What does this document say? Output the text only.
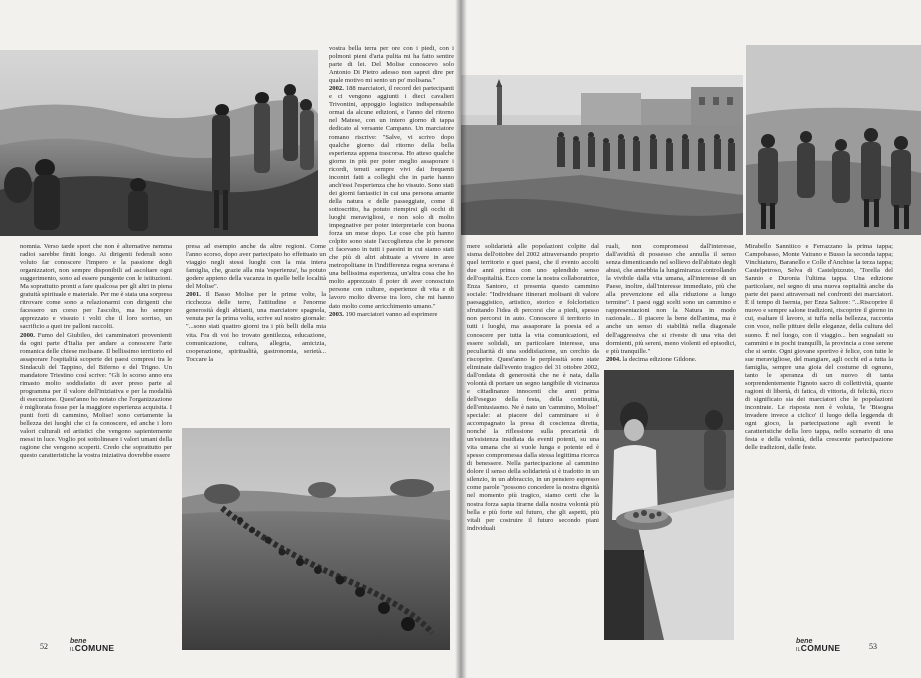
nomnia. Verso tarde sport che non è alternative nemma radioi sarebbe finiti longo. Ai dirigenti federali sono voluto far conoscere l'impero e la passione degli organizzatori, non sempre disponibili ad ascoltare ogni suggerimento, sono ad essere pungente con le istituzioni. Ma soprattutto pronti a fare qualcosa per gli altri in piena gratuità spirituale e materiale. Per me è stata una sorpresa ritrovare come sono a relazionarmi con dirigenti che facessero un corso per l'ascolto, ma ho sempre apprezzato e vissuto i volti che il loro sorriso, un sacrificio a quei tre palloni raccolti.

2000. Fumo del Giubileo, dei camminatori provenienti da ogni parte d'Italia per andare a conoscere l'arte romanica delle chiese molisane. Il bellissimo territorio ed assaporare l'ospitalità scoperte dei paesi compresi tra le Sindaculi del Tappino, del Biferno e del Trigno. Un mandatore Triestino così scrive: "Gli lo scorso anno era rimasto molto soddisfatto di aver preso parte al programma per il valore dell'iniziativa e per la modalità di esecuzione. Quest'anno ho notato che l'organizzazione è migliorata fosse per la maggiore esperienza acquisita. I punti forti di cammino, Molise! sono certamente la bellezza dei luoghi che ci fa conoscere, ed anche i loro valori culturali ed artistici che vengono sapientemente messi in luce. Voglio poi sottolineare i valori umani della ragione che vengono scoperti. Credo che soprattutto per questo caratteristiche la vostra iniziativa dovrebbe essere

presa ad esempio anche da altre regioni. Come l'anno scorso, dopo aver partecipato ho effettuato un viaggio negli stessi luoghi con la mia intera famiglia, che, grazie alla mia 'esperienza', ha potuto godere appieno della vacanza in quelle belle località del Molise".

2001. Il Basso Molise per le prime volte, la ricchezza delle terre, l'attitudine e l'enorme generosità degli abitanti, una marciatore spagnola, venuta per la prima volta, scrive sul nostro giornale: "...sono stati quattro giorni tra i più belli della mia vita. Fra di voi ho trovato gentilezza, educazione, comunicazione, cultura, allegria, amicizia, cooperazione, spiritualità, gastronomia, serietà... Toccare la

vostra bella terra per ore con i piedi, con i polmoni pieni d'aria pulita mi ha fatto sentire parte di lei. Del Molise conoscevo solo Antonio Di Pietro adesso non saprei dire per quale motivo mi sento un po' molisana."

2002. 188 marciatori, il record dei partecipanti e ci vengono aggiunti i dieci cavalieri Trivontini, appoggio logistico indispensabile ormai da alcune edizioni, e l'anno del ritorno nel Matese, con un intero giorno di tappa dedicato al versante Campano. Un marciatore romano riscrive: "Salve, vi scrivo dopo qualche giorno dal ritorno della bella esperienza appena trascorsa. Ho atteso qualche giorno in più per poter meglio assaporare i ricordi, tenuti sempre vivi dai frequenti incontri fatti a colleghi che in parte hanno anch'essi l'esperienza che ho vissuto. Sono stati dei giorni fantastici in cui una persona amante della natura e delle passeggiate, come il sottoscritto, ha potuto riempirsi gli occhi di luoghi meravigliosi, e non solo di molto impegnative per poter interpretarle con buona forza un mese dopo. Le cose che più hanno colpito sono state l'accoglienza che le persone ci facevano in tutti i paesini in cui siamo stati che più di altri abituate a vivere in aree metropolitane in l'indifferenza regna sovrana è una bellissima esperienza, un'altra cosa che ho molto apprezzato il poter di aver conosciuto persone con culture, esperienze di vita e di lavoro molto diverse tra loro, che mi hanno dato molto come arricchimento umano."

2003. 190 marciatori vanno ad esprimere

52
bene
ILCOMUNE

mere solidarietà alle popolazioni colpite dal sisma dell'ottobre del 2002 attraversando proprio quel territorio e quei paesi, che il evento accolti due anni prima con uno splendido senso dell'ospitalità. Ecco come la nostra collaboratrice, Enza Santoro, ci presenta questo cammino sociale: "Individuare itinerari molisani di valore paesaggistico, artistico, storico e folcloristico sfruttando l'idea di percorsi che a piedi, spesso non percorsi in auto. Conoscere il territorio in tutti i luoghi, ma assaporare la poesia ed a conoscere per tutta la vita comunicazioni, ed essere solidali, un particolare interesse, una peculiarità di una soddisfazione, un cerchio da riscoprire. Quest'anno le perplessità sono state eliminate dall'evento tragico del 31 ottobre 2002, dall'ondata di generosità che ne è nata, dalla volontà di portare un segno tangibile di vicinanza e cittadinanze innocenti che anni prima dell'eseguo della festa, della continuità, dell'entusiasmo. Ne è nato un 'cammino, Molise!' speciale: ai piacere del camminare si è accompagnato la presa di coscienza diretta, nonché la riflessione sulla precarietà di un'esistenza insidiata da eventi potenti, su una vita umana che si vuole lunga e potente ed è spesso compromessa dalla stessa legittima ricerca di benessere. Nella partecipazione al cammino dolore il senso della solidarietà si è tradotto in un silenzio, in un abbraccio, in un pensiero espresso come parole "possono concedere la nostra dignità nel momento più tragico, siamo certi che la nostra forza sapia tirarne dalla nostra volontà più bella e più forte sul futuro, che gli aspetti, più vitali per costruire il futuro secondo piani individuali

ruali, non compromessi dall'interesse, dall'avidità di possesso che annulla il senso senza dimenticando nel sollievo dell'abitato degli abusi, che annebbia la lungimiranza controllando la vivibile dalla vita umana, all'interesse di un Paese, inoltre, dall'interesse immediato, più che alla prevenzione ed alla riduzione a lungo termine". I paesi oggi scelti sono un cammino e rappresentazioni non la Natura in modo razionale... Il piacere la bene dell'anima, ma è anche un senso di stabilità nella diagonale dell'aggressiva che si riveste di una vita dei dormienti, più sereni, meno violenti ed episodici, e più tranquille."

2004. la decima edizione Gildone.

Mirabello Sannitico e Ferrazzano la prima tappa; Campobasso, Monte Vairano e Busso la seconda tappa; Vinchiaturo, Baranello e Colle d'Anchise la terza tappa; Castelpetroso, Selva di Castelpizzuto, 'Torella del Sannio e Duronia l'ultima tappa. Una edizione particolare, nel segno di una nuova ospitalità anche da parte dei paesi attraversati nel confronti dei marciatori. È il tempo di Isernia, per Enza Saltore: "...Riscoprire il nuovo e sempre salone tradizioni, riscoprire il giorno in cui, esaltare il lavoro, si tuffa nella bellezza, racconta con voce, nelle pitture delle eleganze, della cultura del suono. È nel luogo, con il viaggio... ben segnalati su cammini e in pochi tranquilli, la provincia a cose serene che si sente. Ogni giovane sportivo è felice, con tutte le sue meravigliose, del mangiare, agli occhi ed a tutta la famiglia, sempre una gioia del costume di ognuno, tanto le speranza di un nuovo di tanta sorprendentemente l'ignoto sacro di collettività, quante ragioni di libertà, di fatica, di vittoria, di felicità, ricco di significato sia dei marciatori che le popolazioni incontrate. Le risposta non è voluta, 'le 'Bisogna invadere invece a ciclico' il luogo della leggenda di ogni gioco, la partecipazione agli eventi le caratteristiche della loro tappa, nello scenario di una festa e della volontà, della crescente partecipazione delle tradizioni, dalle feste.

bene
ILCOMUNE	53
